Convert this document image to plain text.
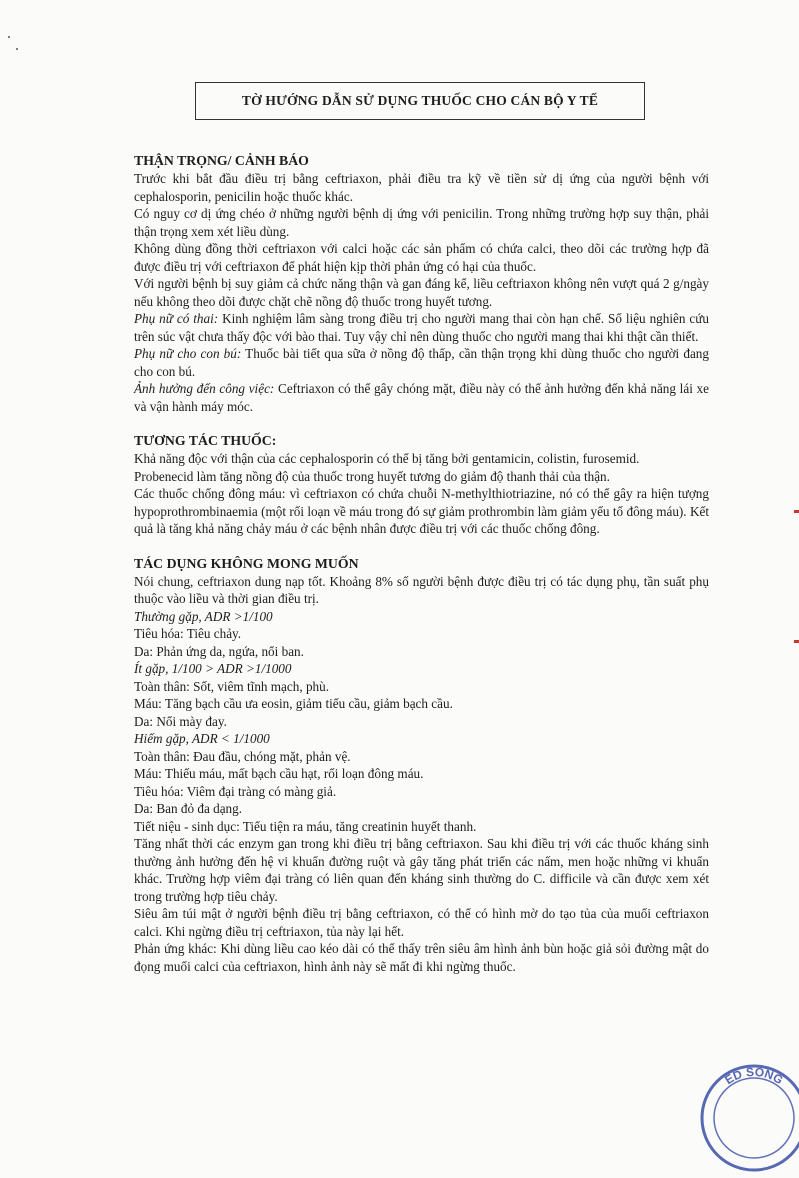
TỜ HƯỚNG DẪN SỬ DỤNG THUỐC CHO CÁN BỘ Y TẾ

THẬN TRỌNG/ CẢNH BÁO

Trước khi bắt đầu điều trị bằng ceftriaxon, phải điều tra kỹ về tiền sử dị ứng của người bệnh với cephalosporin, penicilin hoặc thuốc khác.

Có nguy cơ dị ứng chéo ở những người bệnh dị ứng với penicilin. Trong những trường hợp suy thận, phải thận trọng xem xét liều dùng.

Không dùng đồng thời ceftriaxon với calci hoặc các sản phẩm có chứa calci, theo dõi các trường hợp đã được điều trị với ceftriaxon để phát hiện kịp thời phản ứng có hại của thuốc.

Với người bệnh bị suy giảm cả chức năng thận và gan đáng kể, liều ceftriaxon không nên vượt quá 2 g/ngày nếu không theo dõi được chặt chẽ nồng độ thuốc trong huyết tương.

Phụ nữ có thai: Kinh nghiệm lâm sàng trong điều trị cho người mang thai còn hạn chế. Số liệu nghiên cứu trên súc vật chưa thấy độc với bào thai. Tuy vậy chỉ nên dùng thuốc cho người mang thai khi thật cần thiết.

Phụ nữ cho con bú: Thuốc bài tiết qua sữa ở nồng độ thấp, cần thận trọng khi dùng thuốc cho người đang cho con bú.

Ảnh hưởng đến công việc: Ceftriaxon có thể gây chóng mặt, điều này có thể ảnh hưởng đến khả năng lái xe và vận hành máy móc.

TƯƠNG TÁC THUỐC:

Khả năng độc với thận của các cephalosporin có thể bị tăng bởi gentamicin, colistin, furosemid.

Probenecid làm tăng nồng độ của thuốc trong huyết tương do giảm độ thanh thải của thận.

Các thuốc chống đông máu: vì ceftriaxon có chứa chuỗi N-methylthiotriazine, nó có thể gây ra hiện tượng hypoprothrombinaemia (một rối loạn về máu trong đó sự giảm prothrombin làm giảm yếu tố đông máu). Kết quả là tăng khả năng chảy máu ở các bệnh nhân được điều trị với các thuốc chống đông.

TÁC DỤNG KHÔNG MONG MUỐN

Nói chung, ceftriaxon dung nạp tốt. Khoảng 8% số người bệnh được điều trị có tác dụng phụ, tần suất phụ thuộc vào liều và thời gian điều trị.

Thường gặp, ADR >1/100

Tiêu hóa: Tiêu chảy.

Da: Phản ứng da, ngứa, nổi ban.

Ít gặp, 1/100 > ADR >1/1000

Toàn thân: Sốt, viêm tĩnh mạch, phù.

Máu: Tăng bạch cầu ưa eosin, giảm tiểu cầu, giảm bạch cầu.

Da: Nổi mày đay.

Hiếm gặp, ADR < 1/1000

Toàn thân: Đau đầu, chóng mặt, phản vệ.

Máu: Thiếu máu, mất bạch cầu hạt, rối loạn đông máu.

Tiêu hóa: Viêm đại tràng có màng giả.

Da: Ban đỏ đa dạng.

Tiết niệu - sinh dục: Tiểu tiện ra máu, tăng creatinin huyết thanh.

Tăng nhất thời các enzym gan trong khi điều trị bằng ceftriaxon. Sau khi điều trị với các thuốc kháng sinh thường ảnh hưởng đến hệ vi khuẩn đường ruột và gây tăng phát triển các nấm, men hoặc những vi khuẩn khác. Trường hợp viêm đại tràng có liên quan đến kháng sinh thường do C. difficile và cần được xem xét trong trường hợp tiêu chảy.

Siêu âm túi mật ở người bệnh điều trị bằng ceftriaxon, có thể có hình mờ do tạo tủa của muối ceftriaxon calci. Khi ngừng điều trị ceftriaxon, tủa này lại hết.

Phản ứng khác: Khi dùng liều cao kéo dài có thể thấy trên siêu âm hình ảnh bùn hoặc giả sỏi đường mật do đọng muối calci của ceftriaxon, hình ảnh này sẽ mất đi khi ngừng thuốc.

ED SONG
